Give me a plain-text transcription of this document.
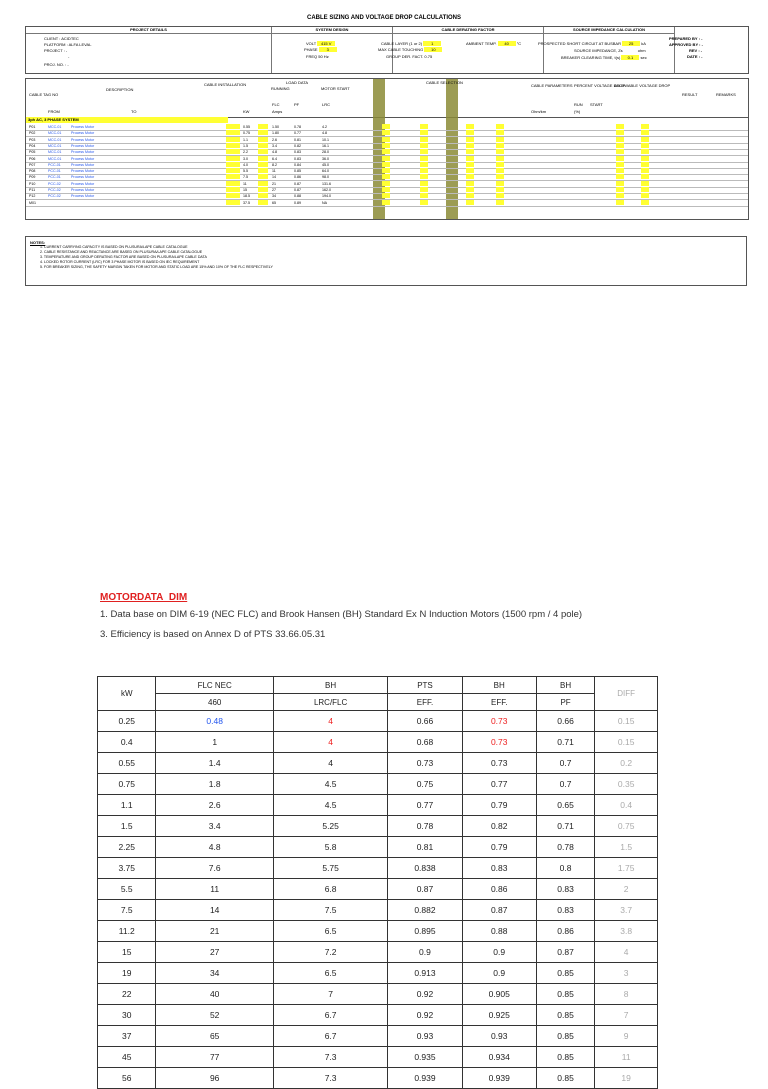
CABLE SIZING AND VOLTAGE DROP CALCULATIONS
PROJECT DETAILS	SYSTEM DESIGN	CABLE DERATING FACTOR	SOURCE IMPEDANCE CALCULATION
CLIENT : ACIDTEC
PLATFORM : ALFA LEVAL
PROJECT : -
-
PROJ. NO. : -
VOLT 415 V
PHASE 3
FREQ 50 Hz
CABLE LAYER (1 or 2) 1	AMBIENT TEMP. 40 °C
MAX CABLE TOUCHING 10
GROUP DER. FACT. 0.75
PROSPECTED SHORT CIRCUIT AT BUSBAR 25 kA
SOURCE IMPEDANCE, Zs	ohm
BREAKER CLEARING TIME, t(s) 0.1 sec
PREPARED BY : -
APPROVED BY : -
REV : -
DATE : -
CABLE TAG NO
DESCRIPTION
CABLE INSTALLATION	LOAD DATA
RUNNING	MOTOR START
CABLE SELECTION
CABLE PARAMETERS PERCENT VOLTAGE DROP
ALLOWABLE VOLTAGE DROP
RESULT	REMARKS
FROM	TO	KW
FLC	PF	LRC
Amps	Ohm/km
RUN START
(%)
3ph AC, 3 PHASE SYSTEM
P01	MCC-01	Process Motor	0.55	1.50	0.78	4.2
P02	MCC-01	Process Motor	0.75	1.80	0.77	4.8
P03	MCC-01	Process Motor	1.1	2.6	0.81	10.1
P04	MCC-01	Process Motor	1.5	3.4	0.82	16.1
P05	MCC-01	Process Motor	2.2	4.8	0.83	28.0
P06	MCC-01	Process Motor	3.0	6.4	0.83	36.0
P07	PCC-01	Process Motor	4.0	8.2	0.84	45.0
P08	PCC-01	Process Motor	5.5	11	0.85	64.0
P09	PCC-01	Process Motor	7.5	14	0.86	98.0
P10	PCC-02	Process Motor	11	21	0.87	131.6
P11	PCC-02	Process Motor	15	27	0.87	162.0
P12	PCC-02	Process Motor	18.5	34	0.88	194.0
M01	37.5	65	0.89	NA
NOTES:
1. CURRENT CARRYING CAPACITY IS BASED ON PLUSURA/LAPE CABLE CATALOGUE
2. CABLE RESISTANCE AND REACTANCE ARE BASED ON PLUSURA/LAPE CABLE CATALOGUE
3. TEMPERATURE AND GROUP DERATING FACTOR ARE BASED ON PLUSURA/LAPE CABLE DATA
4. LOCKED ROTOR CURRENT (LRC) FOR 3 PHASE MOTOR IS BASED ON IEC REQUIREMENT
5. FOR BREAKER SIZING, THE SAFETY MARGIN TAKEN FOR MOTOR AND STATIC LOAD ARE 15% AND 10% OF THE FLC RESPECTIVELY
MOTORDATA_DIM
1. Data base on DIM 6-19 (NEC FLC) and Brook Hansen (BH) Standard Ex N Induction Motors (1500 rpm / 4 pole)
3. Efficiency is based on Annex D of PTS 33.66.05.31
kW	FLC NEC	BH	PTS	BH	BH	DIFF
	460	LRC/FLC	EFF.	EFF.	PF	
0.25	0.48	4	0.66	0.73	0.66	0.15
0.4	1	4	0.68	0.73	0.71	0.15
0.55	1.4	4	0.73	0.73	0.7	0.2
0.75	1.8	4.5	0.75	0.77	0.7	0.35
1.1	2.6	4.5	0.77	0.79	0.65	0.4
1.5	3.4	5.25	0.78	0.82	0.71	0.75
2.25	4.8	5.8	0.81	0.79	0.78	1.5
3.75	7.6	5.75	0.838	0.83	0.8	1.75
5.5	11	6.8	0.87	0.86	0.83	2
7.5	14	7.5	0.882	0.87	0.83	3.7
11.2	21	6.5	0.895	0.88	0.86	3.8
15	27	7.2	0.9	0.9	0.87	4
19	34	6.5	0.913	0.9	0.85	3
22	40	7	0.92	0.905	0.85	8
30	52	6.7	0.92	0.925	0.85	7
37	65	6.7	0.93	0.93	0.85	9
45	77	7.3	0.935	0.934	0.85	11
56	96	7.3	0.939	0.939	0.85	19
